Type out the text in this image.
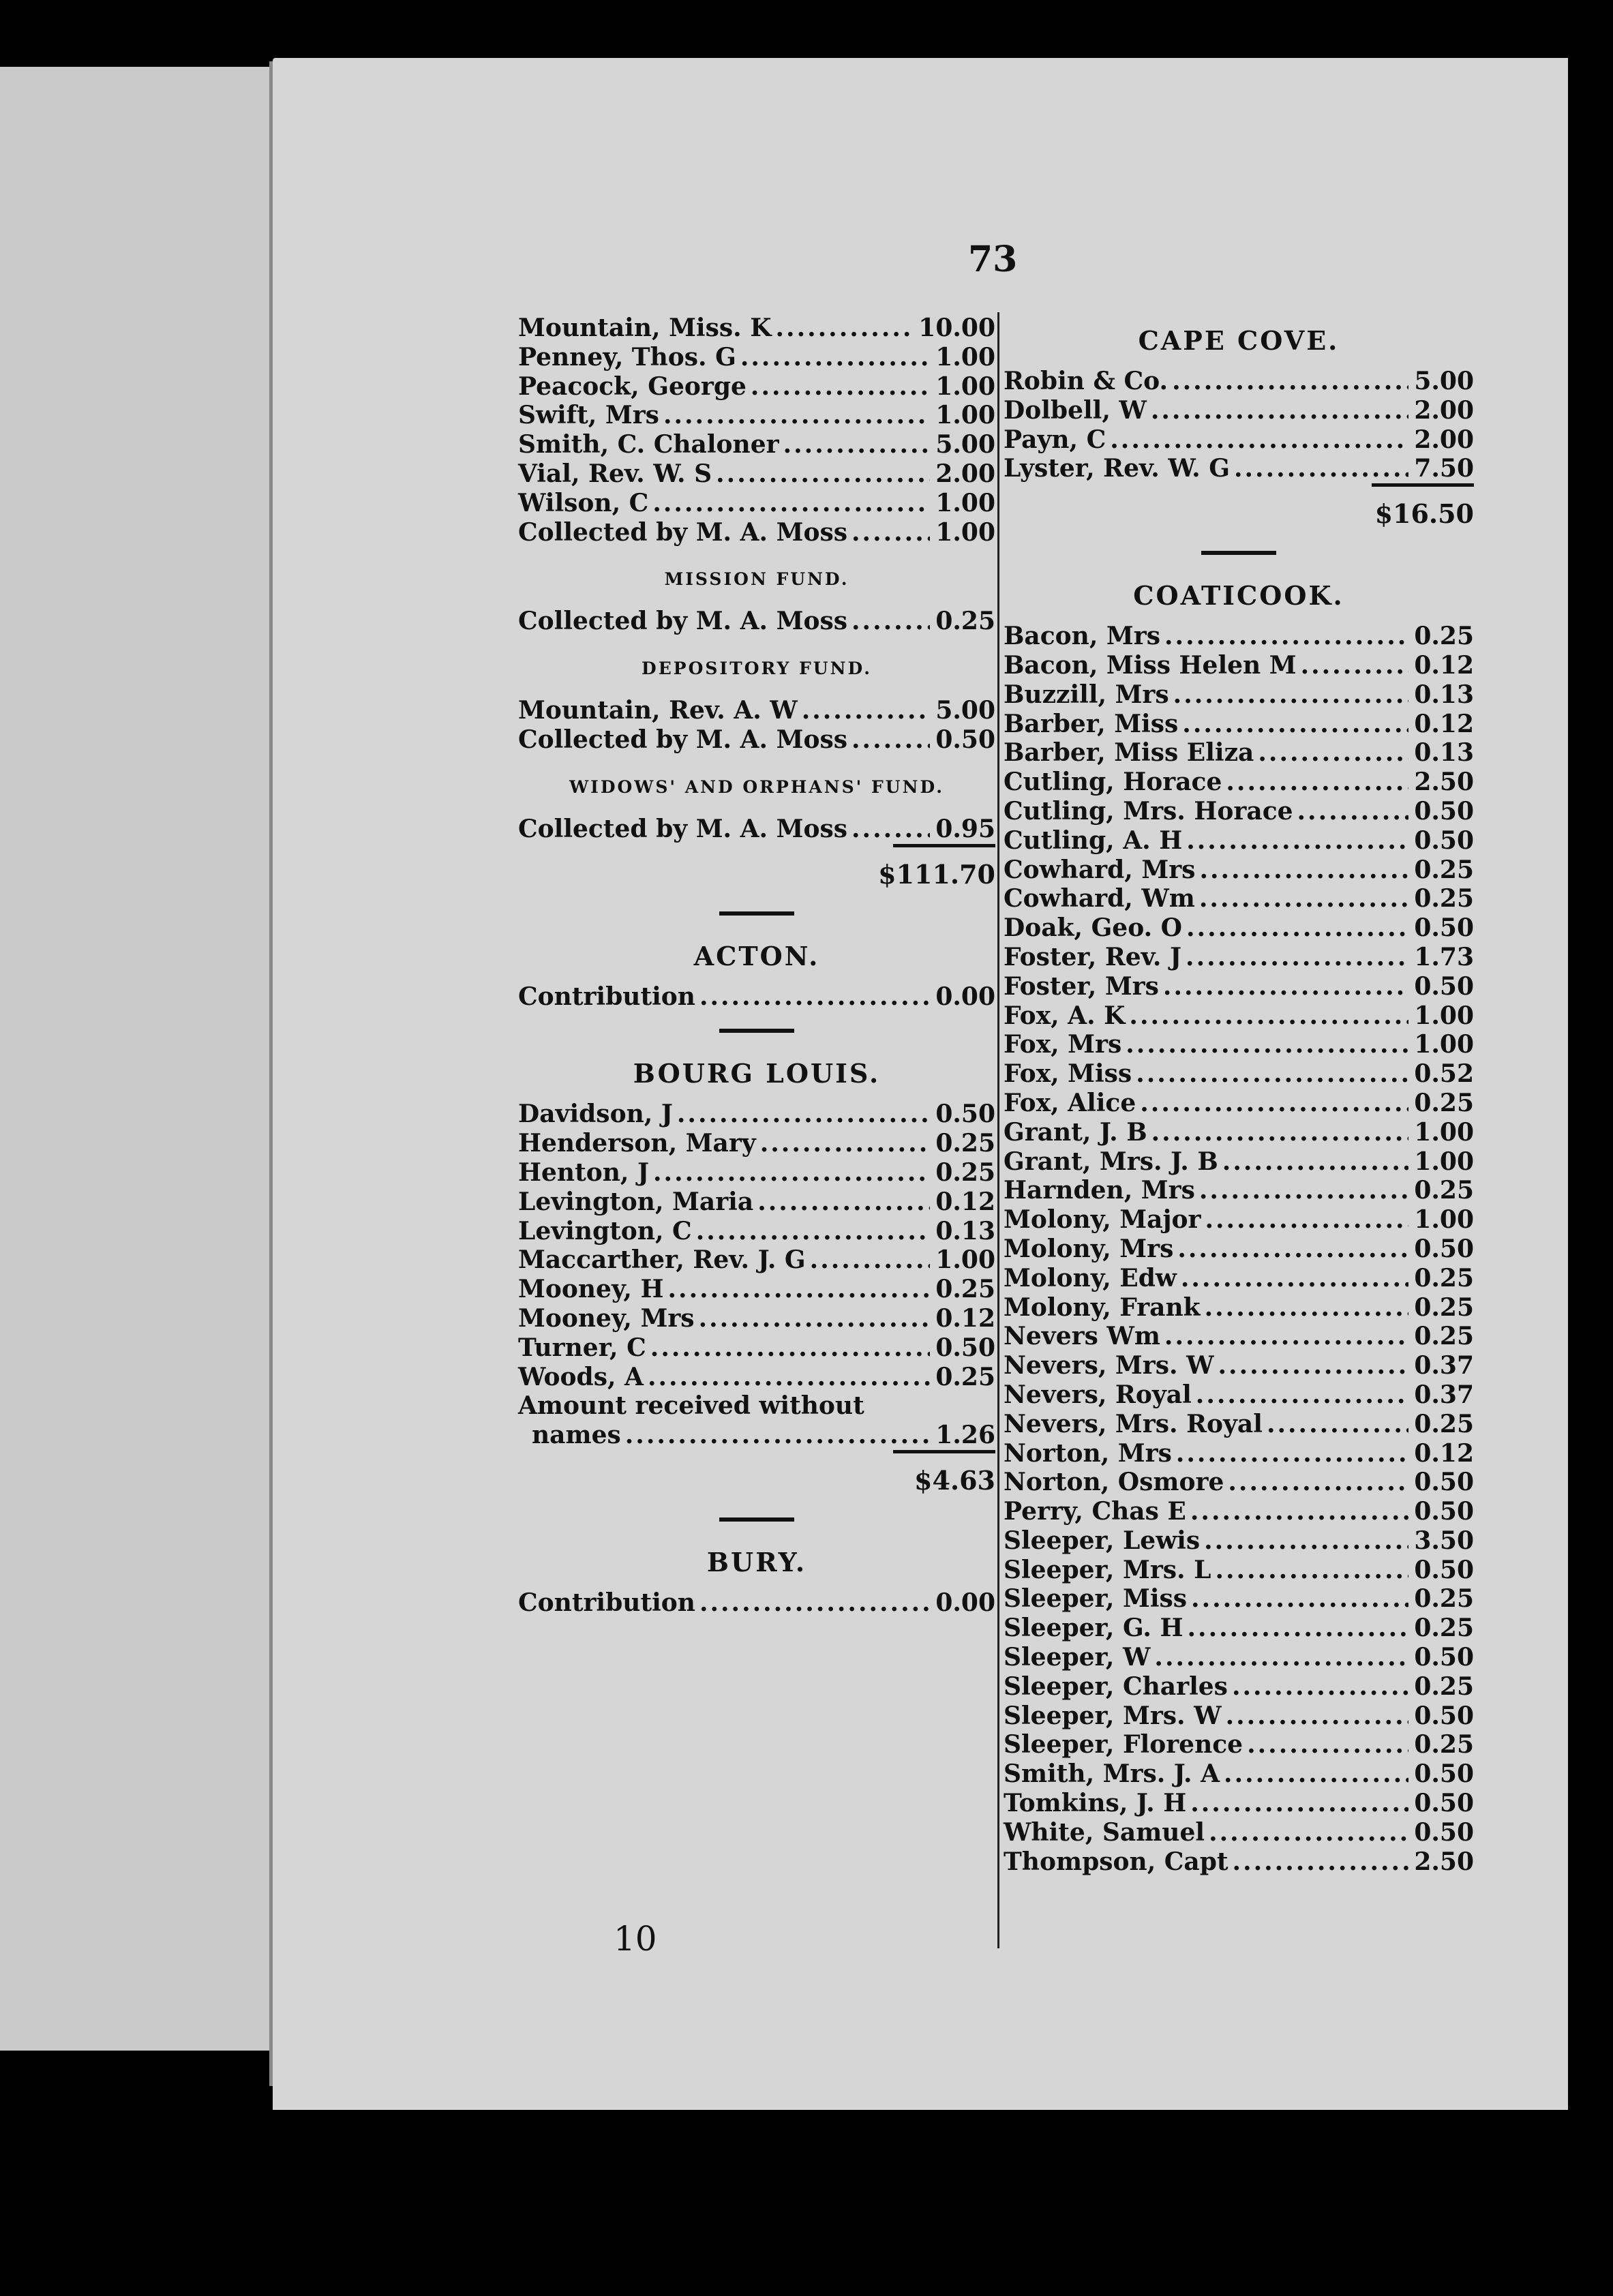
73
Mountain, Miss. K .....	10.00
Penney, Thos. G .....	1.00
Peacock, George .....	1.00
Swift, Mrs .....	1.00
Smith, C. Chaloner .....	5.00
Vial, Rev. W. S .....	2.00
Wilson, C .....	1.00
Collected by M. A. Moss .....	1.00
MISSION FUND.
Collected by M. A. Moss .....	0.25
DEPOSITORY FUND.
Mountain, Rev. A. W .....	5.00
Collected by M. A. Moss .....	0.50
WIDOWS' AND ORPHANS' FUND.
Collected by M. A. Moss .....	0.95
$111.70
ACTON.
Contribution .....	0.00
BOURG LOUIS.
Davidson, J .....	0.50
Henderson, Mary .....	0.25
Henton, J .....	0.25
Levington, Maria .....	0.12
Levington, C .....	0.13
Maccarther, Rev. J. G .....	1.00
Mooney, H .....	0.25
Mooney, Mrs .....	0.12
Turner, C .....	0.50
Woods, A .....	0.25
Amount received without
names .....	1.26
$4.63
BURY.
Contribution .....	0.00
CAPE COVE.
Robin & Co. .....	5.00
Dolbell, W .....	2.00
Payn, C .....	2.00
Lyster, Rev. W. G .....	7.50
$16.50
COATICOOK.
Bacon, Mrs .....	0.25
Bacon, Miss Helen M .....	0.12
Buzzill, Mrs .....	0.13
Barber, Miss .....	0.12
Barber, Miss Eliza .....	0.13
Cutling, Horace .....	2.50
Cutling, Mrs. Horace .....	0.50
Cutling, A. H .....	0.50
Cowhard, Mrs .....	0.25
Cowhard, Wm .....	0.25
Doak, Geo. O .....	0.50
Foster, Rev. J .....	1.73
Foster, Mrs .....	0.50
Fox, A. K .....	1.00
Fox, Mrs .....	1.00
Fox, Miss .....	0.52
Fox, Alice .....	0.25
Grant, J. B .....	1.00
Grant, Mrs. J. B .....	1.00
Harnden, Mrs .....	0.25
Molony, Major .....	1.00
Molony, Mrs .....	0.50
Molony, Edw .....	0.25
Molony, Frank .....	0.25
Nevers Wm .....	0.25
Nevers, Mrs. W .....	0.37
Nevers, Royal .....	0.37
Nevers, Mrs. Royal .....	0.25
Norton, Mrs .....	0.12
Norton, Osmore .....	0.50
Perry, Chas E .....	0.50
Sleeper, Lewis .....	3.50
Sleeper, Mrs. L .....	0.50
Sleeper, Miss .....	0.25
Sleeper, G. H .....	0.25
Sleeper, W .....	0.50
Sleeper, Charles .....	0.25
Sleeper, Mrs. W .....	0.50
Sleeper, Florence .....	0.25
Smith, Mrs. J. A .....	0.50
Tomkins, J. H .....	0.50
White, Samuel .....	0.50
Thompson, Capt .....	2.50
10
